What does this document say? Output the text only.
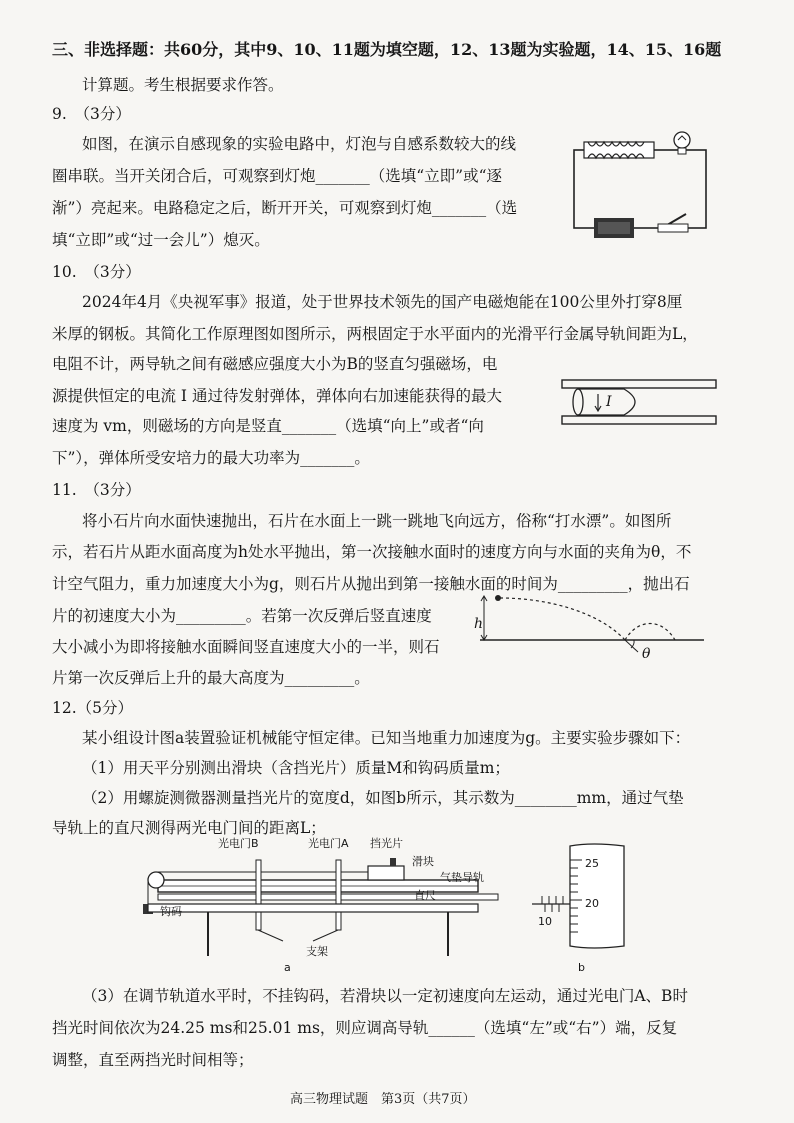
三、非选择题：共60分，其中9、10、11题为填空题，12、13题为实验题，14、15、16题
计算题。考生根据要求作答。
9.　（3分）
如图，在演示自感现象的实验电路中，灯泡与自感系数较大的线
圈串联。当开关闭合后，可观察到灯炮_______（选填“立即”或“逐
渐”）亮起来。电路稳定之后，断开开关，可观察到灯炮_______（选
填“立即”或“过一会儿”）熄灭。
10.　（3分）
2024年4月《央视军事》报道，处于世界技术领先的国产电磁炮能在100公里外打穿8厘
米厚的钢板。其简化工作原理图如图所示，两根固定于水平面内的光滑平行金属导轨间距为L，
电阻不计，两导轨之间有磁感应强度大小为B的竖直匀强磁场，电
源提供恒定的电流 I 通过待发射弹体，弹体向右加速能获得的最大
速度为 vm，则磁场的方向是竖直_______（选填“向上”或者“向
下”），弹体所受安培力的最大功率为_______。
I
11.　（3分）
将小石片向水面快速抛出，石片在水面上一跳一跳地飞向远方，俗称“打水漂”。如图所
示，若石片从距水面高度为h处水平抛出，第一次接触水面时的速度方向与水面的夹角为θ，不
计空气阻力，重力加速度大小为g，则石片从抛出到第一接触水面的时间为_________，抛出石
片的初速度大小为_________。若第一次反弹后竖直速度
大小减小为即将接触水面瞬间竖直速度大小的一半，则石
片第一次反弹后上升的最大高度为_________。
h
θ
12.（5分）
某小组设计图a装置验证机械能守恒定律。已知当地重力加速度为g。主要实验步骤如下：
（1）用天平分别测出滑块（含挡光片）质量M和钩码质量m；
（2）用螺旋测微器测量挡光片的宽度d，如图b所示，其示数为________mm，通过气垫
导轨上的直尺测得两光电门间的距离L；
光电门B	光电门A 挡光片
滑块
气垫导轨
直尺
钩码
支架
a
25
20
10
b
（3）在调节轨道水平时，不挂钩码，若滑块以一定初速度向左运动，通过光电门A、B时
挡光时间依次为24.25 ms和25.01 ms，则应调高导轨______（选填“左”或“右”）端，反复
调整，直至两挡光时间相等；
高三物理试题　第3页（共7页）
